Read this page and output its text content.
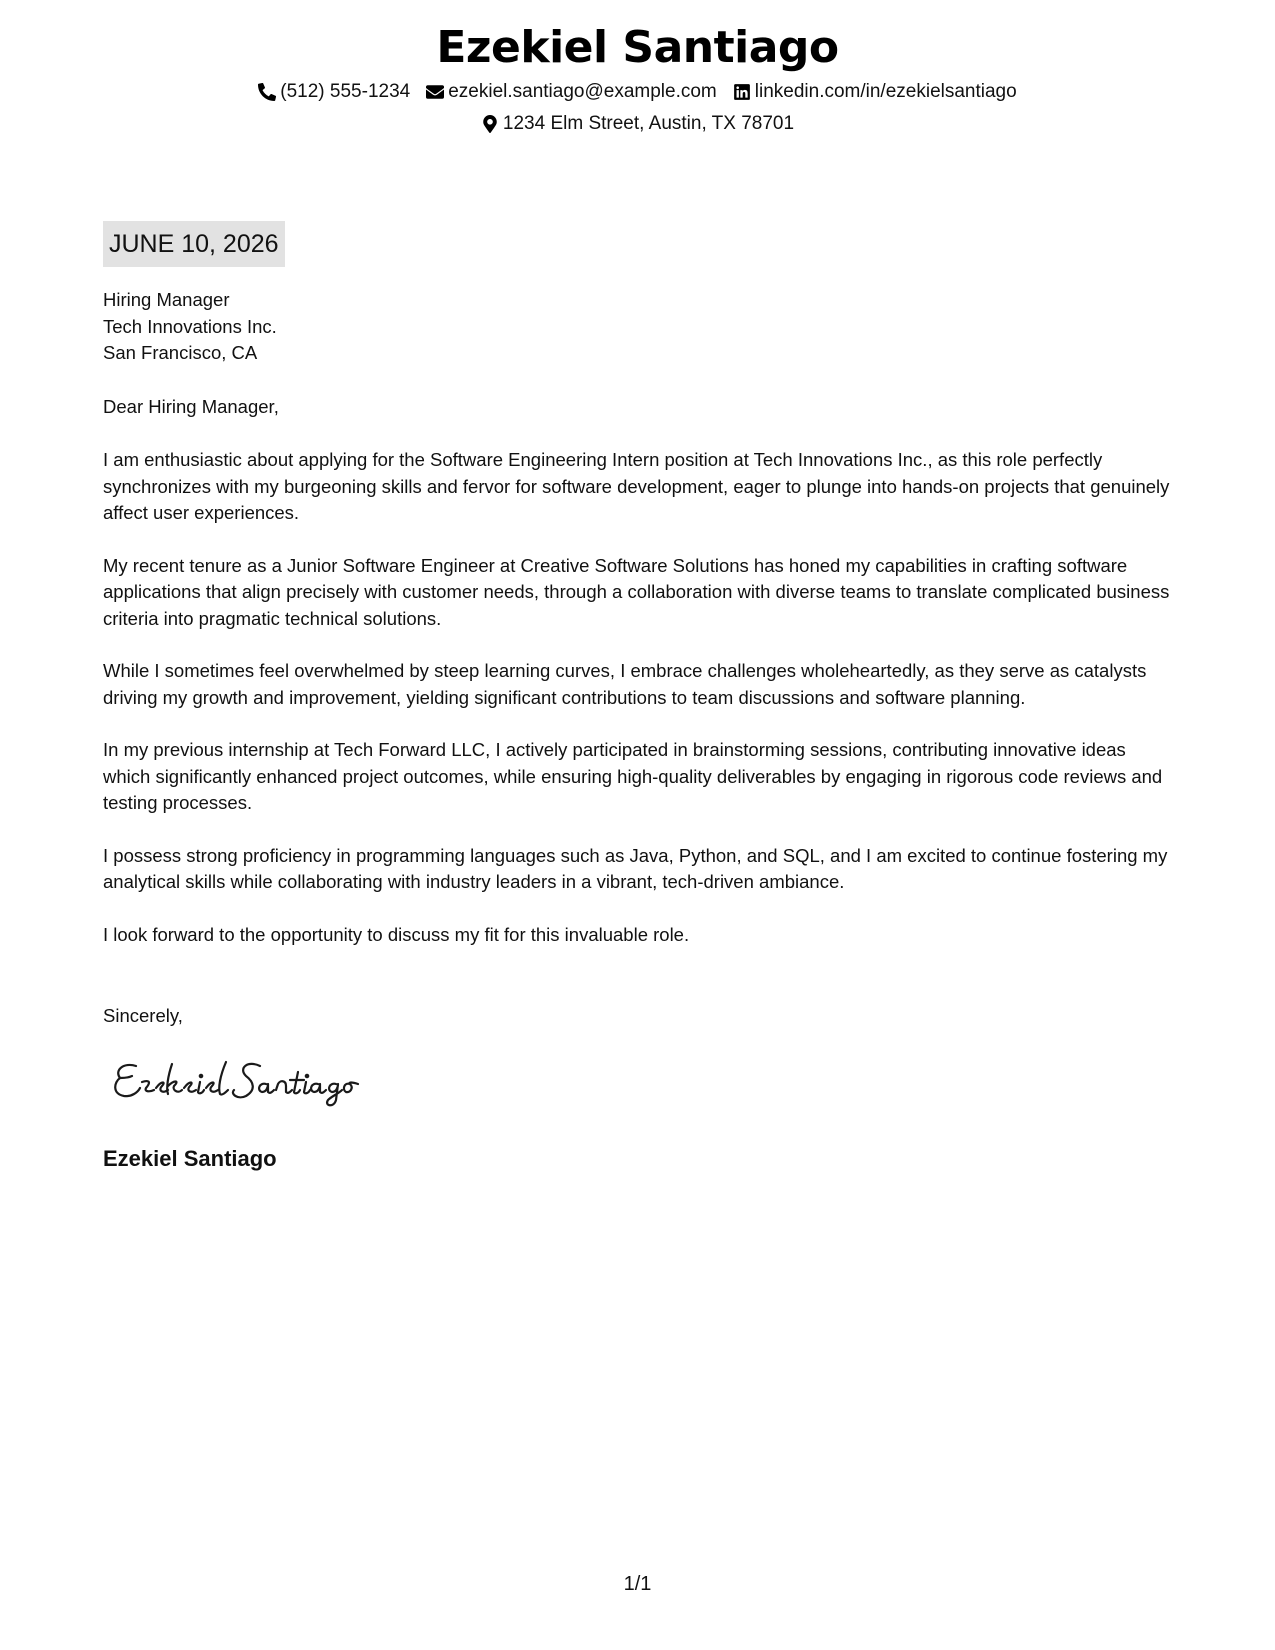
Ezekiel Santiago
(512) 555-1234 ezekiel.santiago@example.com linkedin.com/in/ezekielsantiago
1234 Elm Street, Austin, TX 78701
JUNE 10, 2026
Hiring Manager
Tech Innovations Inc.
San Francisco, CA
Dear Hiring Manager,

I am enthusiastic about applying for the Software Engineering Intern position at Tech Innovations Inc., as this role perfectly synchronizes with my burgeoning skills and fervor for software development, eager to plunge into hands-on projects that genuinely affect user experiences.

My recent tenure as a Junior Software Engineer at Creative Software Solutions has honed my capabilities in crafting software applications that align precisely with customer needs, through a collaboration with diverse teams to translate complicated business criteria into pragmatic technical solutions.

While I sometimes feel overwhelmed by steep learning curves, I embrace challenges wholeheartedly, as they serve as catalysts driving my growth and improvement, yielding significant contributions to team discussions and software planning.

In my previous internship at Tech Forward LLC, I actively participated in brainstorming sessions, contributing innovative ideas which significantly enhanced project outcomes, while ensuring high-quality deliverables by engaging in rigorous code reviews and testing processes.

I possess strong proficiency in programming languages such as Java, Python, and SQL, and I am excited to continue fostering my analytical skills while collaborating with industry leaders in a vibrant, tech-driven ambiance.

I look forward to the opportunity to discuss my fit for this invaluable role.

Sincerely,
Ezekiel Santiago
1/1
